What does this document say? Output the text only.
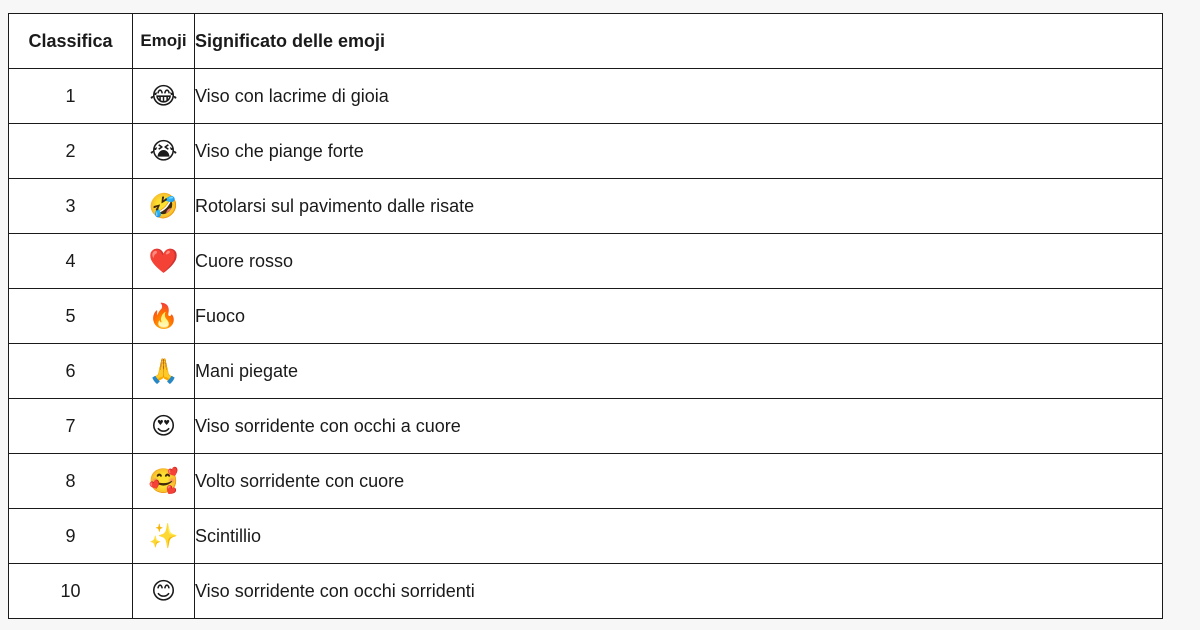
Classifica	Emoji	Significato delle emoji
1	😂	Viso con lacrime di gioia
2	😭	Viso che piange forte
3	🤣	Rotolarsi sul pavimento dalle risate
4	❤️	Cuore rosso
5	🔥	Fuoco
6	🙏	Mani piegate
7	😍	Viso sorridente con occhi a cuore
8	🥰	Volto sorridente con cuore
9	✨	Scintillio
10	😊	Viso sorridente con occhi sorridenti
